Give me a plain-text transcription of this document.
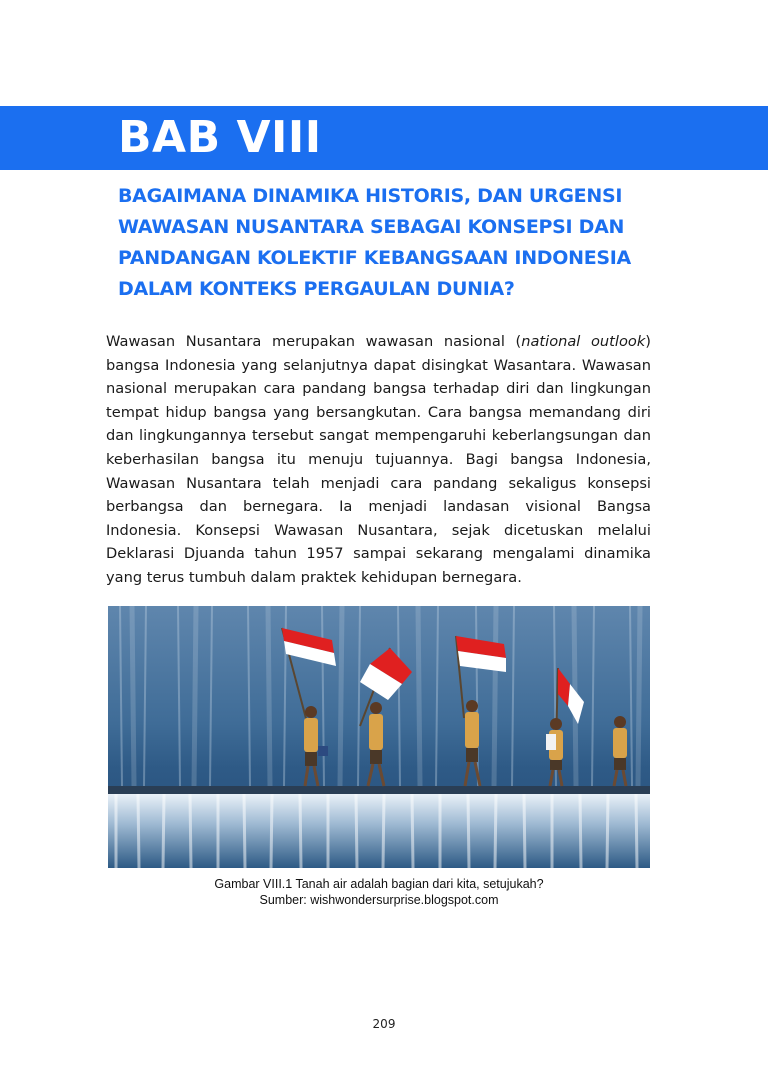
BAB VIII
BAGAIMANA DINAMIKA HISTORIS, DAN URGENSI
WAWASAN NUSANTARA SEBAGAI KONSEPSI DAN
PANDANGAN KOLEKTIF KEBANGSAAN INDONESIA
DALAM KONTEKS PERGAULAN DUNIA?

Wawasan Nusantara merupakan wawasan nasional (national outlook) bangsa Indonesia yang selanjutnya dapat disingkat Wasantara. Wawasan nasional merupakan cara pandang bangsa terhadap diri dan lingkungan tempat hidup bangsa yang bersangkutan. Cara bangsa memandang diri dan lingkungannya tersebut sangat mempengaruhi keberlangsungan dan keberhasilan bangsa itu menuju tujuannya. Bagi bangsa Indonesia, Wawasan Nusantara telah menjadi cara pandang sekaligus konsepsi berbangsa dan bernegara. Ia menjadi landasan visional Bangsa Indonesia. Konsepsi Wawasan Nusantara, sejak dicetuskan melalui Deklarasi Djuanda tahun 1957 sampai sekarang mengalami dinamika yang terus tumbuh dalam praktek kehidupan bernegara.

Gambar VIII.1 Tanah air adalah bagian dari kita, setujukah?
Sumber: wishwondersurprise.blogspot.com

209
